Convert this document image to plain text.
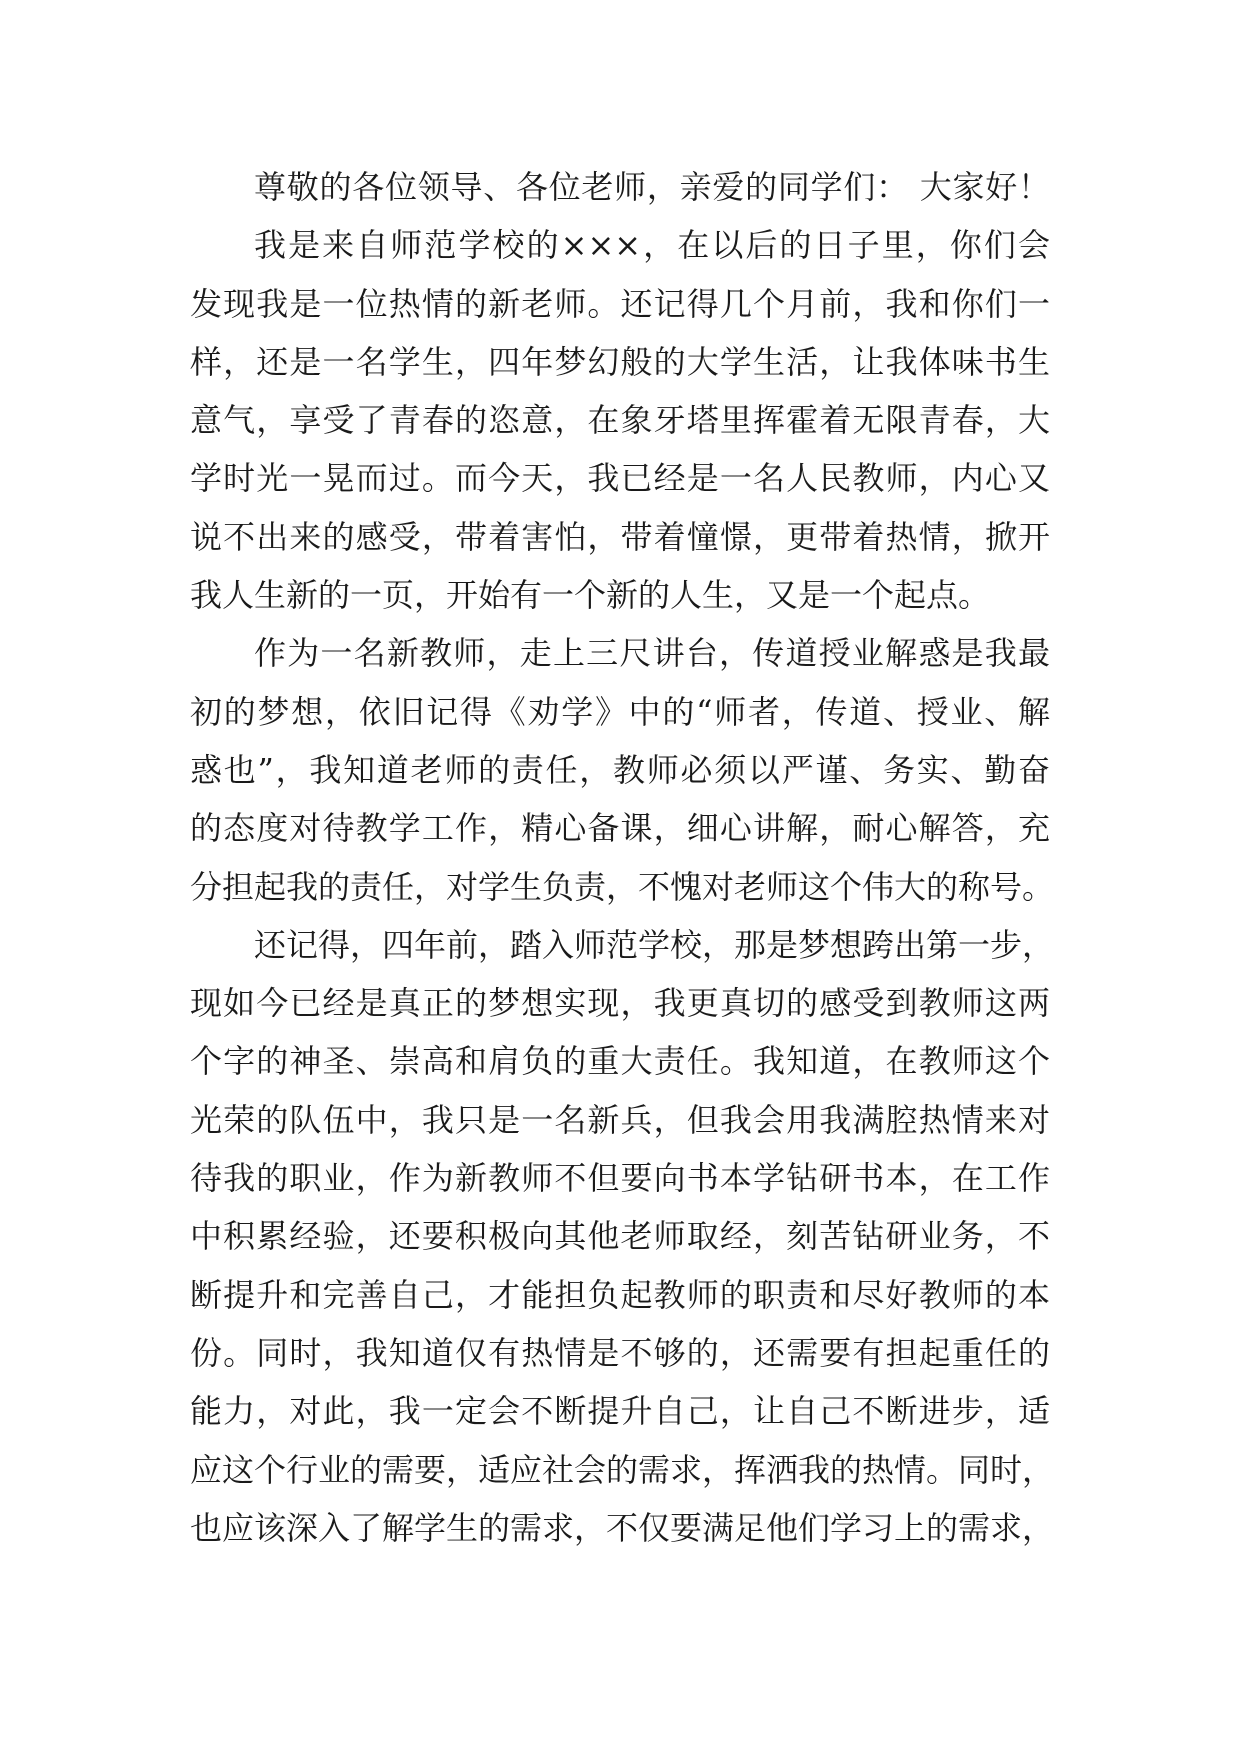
尊敬的各位领导、各位老师，亲爱的同学们： 大家好！
我是来自师范学校的×××，在以后的日子里，你们会
发现我是一位热情的新老师。还记得几个月前，我和你们一
样，还是一名学生，四年梦幻般的大学生活，让我体味书生
意气，享受了青春的恣意，在象牙塔里挥霍着无限青春，大
学时光一晃而过。而今天，我已经是一名人民教师，内心又
说不出来的感受，带着害怕，带着憧憬，更带着热情，掀开
我人生新的一页，开始有一个新的人生，又是一个起点。
作为一名新教师，走上三尺讲台，传道授业解惑是我最
初的梦想，依旧记得《劝学》中的“师者，传道、授业、解
惑也”，我知道老师的责任，教师必须以严谨、务实、勤奋
的态度对待教学工作，精心备课，细心讲解，耐心解答，充
分担起我的责任，对学生负责，不愧对老师这个伟大的称号。
还记得，四年前，踏入师范学校，那是梦想跨出第一步，
现如今已经是真正的梦想实现，我更真切的感受到教师这两
个字的神圣、崇高和肩负的重大责任。我知道，在教师这个
光荣的队伍中，我只是一名新兵，但我会用我满腔热情来对
待我的职业，作为新教师不但要向书本学钻研书本，在工作
中积累经验，还要积极向其他老师取经，刻苦钻研业务，不
断提升和完善自己，才能担负起教师的职责和尽好教师的本
份。同时，我知道仅有热情是不够的，还需要有担起重任的
能力，对此，我一定会不断提升自己，让自己不断进步，适
应这个行业的需要，适应社会的需求，挥洒我的热情。同时，
也应该深入了解学生的需求，不仅要满足他们学习上的需求，
